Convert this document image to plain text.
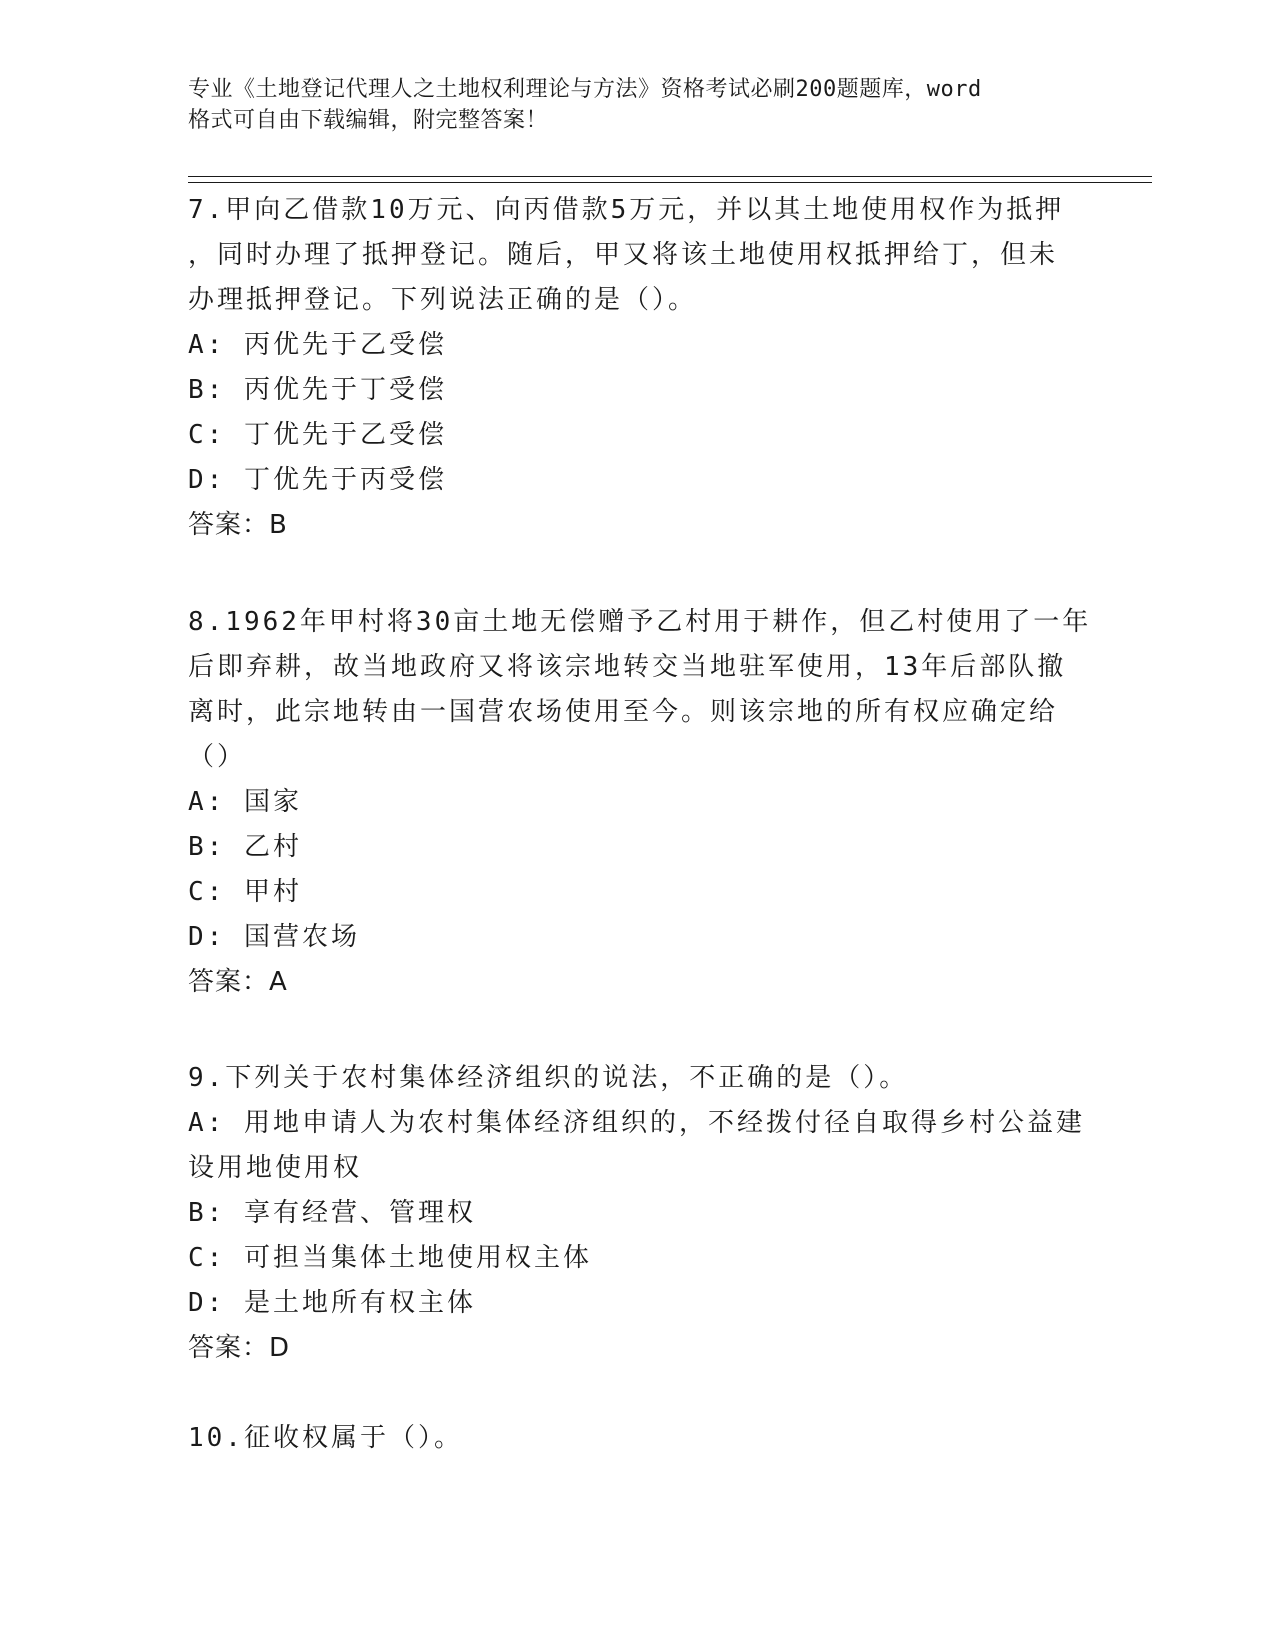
专业《土地登记代理人之土地权利理论与方法》资格考试必刷200题题库，word
格式可自由下载编辑，附完整答案！
7.甲向乙借款10万元、向丙借款5万元，并以其土地使用权作为抵押
，同时办理了抵押登记。随后，甲又将该土地使用权抵押给丁，但未
办理抵押登记。下列说法正确的是（）。
A: 丙优先于乙受偿
B: 丙优先于丁受偿
C: 丁优先于乙受偿
D: 丁优先于丙受偿
答案：B
8.1962年甲村将30亩土地无偿赠予乙村用于耕作，但乙村使用了一年
后即弃耕，故当地政府又将该宗地转交当地驻军使用，13年后部队撤
离时，此宗地转由一国营农场使用至今。则该宗地的所有权应确定给
（）
A: 国家
B: 乙村
C: 甲村
D: 国营农场
答案：A
9.下列关于农村集体经济组织的说法，不正确的是（）。
A: 用地申请人为农村集体经济组织的，不经拨付径自取得乡村公益建
设用地使用权
B: 享有经营、管理权
C: 可担当集体土地使用权主体
D: 是土地所有权主体
答案：D
10.征收权属于（）。
